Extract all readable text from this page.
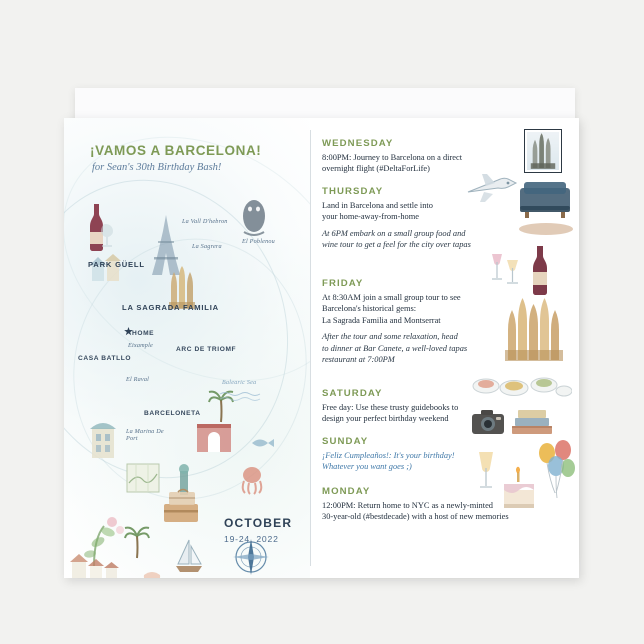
¡VAMOS A BARCELONA!
for Sean's 30th Birthday Bash!
La Vall D'hebron
La Sagrera
El Poblenou
PARK GÜELL
LA SAGRADA FAMILIA
ARC DE TRIOMF
HOME
Eixample
CASA BATLLO
El Raval
BARCELONETA
La Marina De Port
Balearic Sea
OCTOBER
19-24, 2022
WEDNESDAY

8:00PM: Journey to Barcelona on a direct

overnight flight (#DeltaForLife)

THURSDAY

Land in Barcelona and settle into

your home-away-from-home

At 6PM embark on a small group food and

wine tour to get a feel for the city over tapas

FRIDAY

At 8:30AM join a small group tour to see

Barcelona's historical gems:

La Sagrada Familia and Montserrat

After the tour and some relaxation, head

to dinner at Bar Canete, a well-loved tapas

restaurant at 7:00PM

SATURDAY

Free day: Use these trusty guidebooks to

design your perfect birthday weekend

SUNDAY

¡Feliz Cumpleaños!: It's your birthday!

Whatever you want goes ;)

MONDAY

12:00PM: Return home to NYC as a newly-minted

30-year-old (#bestdecade) with a host of new memories
